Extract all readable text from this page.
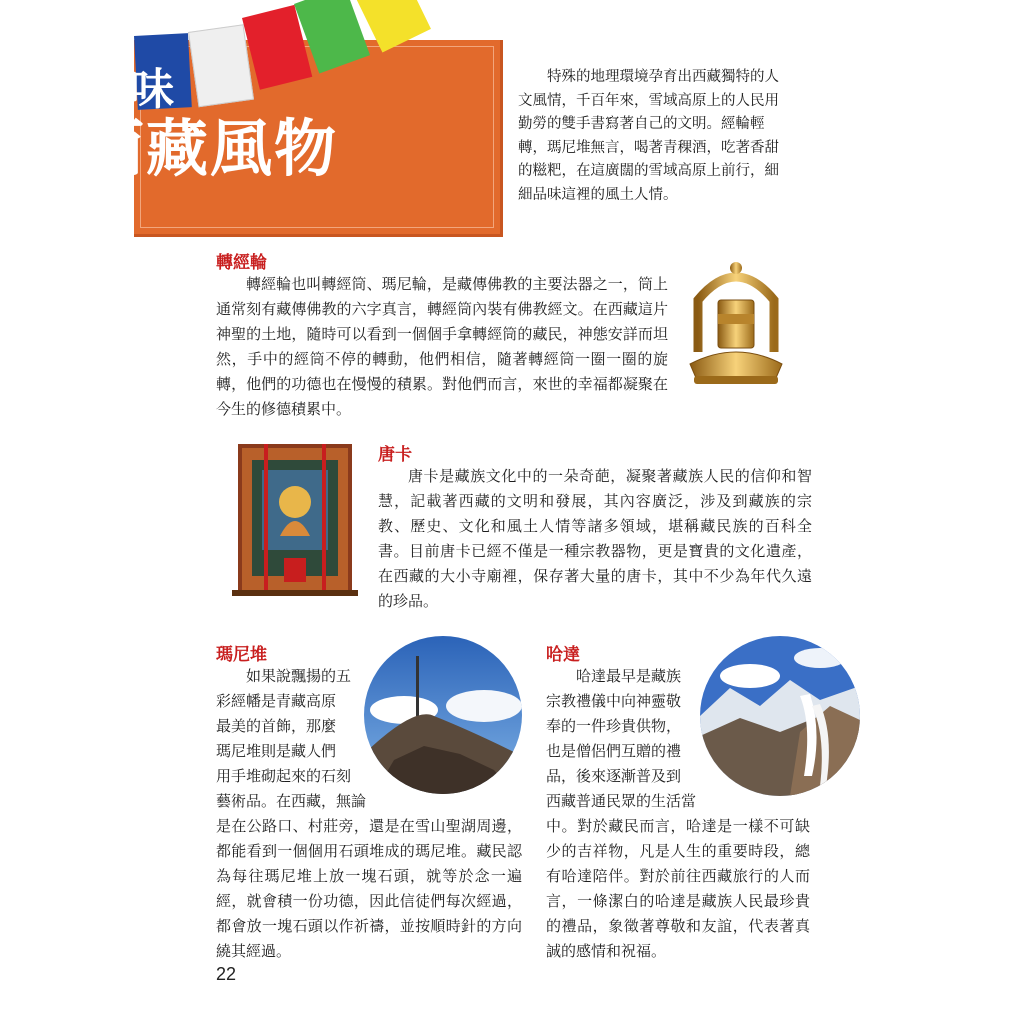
品味
西藏風物
特殊的地理環境孕育出西藏獨特的人文風情，千百年來，雪域高原上的人民用勤勞的雙手書寫著自己的文明。經輪輕轉，瑪尼堆無言，喝著青稞酒，吃著香甜的糍粑，在這廣闊的雪域高原上前行，細細品味這裡的風土人情。
轉經輪
轉經輪也叫轉經筒、瑪尼輪，是藏傳佛教的主要法器之一，筒上通常刻有藏傳佛教的六字真言，轉經筒內裝有佛教經文。在西藏這片神聖的土地，隨時可以看到一個個手拿轉經筒的藏民，神態安詳而坦然，手中的經筒不停的轉動，他們相信，隨著轉經筒一圈一圈的旋轉，他們的功德也在慢慢的積累。對他們而言，來世的幸福都凝聚在今生的修德積累中。
唐卡
唐卡是藏族文化中的一朵奇葩，凝聚著藏族人民的信仰和智慧，記載著西藏的文明和發展，其內容廣泛，涉及到藏族的宗教、歷史、文化和風土人情等諸多領域，堪稱藏民族的百科全書。目前唐卡已經不僅是一種宗教器物，更是寶貴的文化遺產，在西藏的大小寺廟裡，保存著大量的唐卡，其中不少為年代久遠的珍品。
瑪尼堆
如果說飄揚的五
彩經幡是青藏高原
最美的首飾，那麼
瑪尼堆則是藏人們
用手堆砌起來的石刻
藝術品。在西藏，無論
是在公路口、村莊旁，還是在雪山聖湖周邊，都能看到一個個用石頭堆成的瑪尼堆。藏民認為每往瑪尼堆上放一塊石頭，就等於念一遍經，就會積一份功德，因此信徒們每次經過，都會放一塊石頭以作祈禱，並按順時針的方向繞其經過。
哈達
哈達最早是藏族
宗教禮儀中向神靈敬
奉的一件珍貴供物，
也是僧侶們互贈的禮
品，後來逐漸普及到
西藏普通民眾的生活當
中。對於藏民而言，哈達是一樣不可缺少的吉祥物，凡是人生的重要時段，總有哈達陪伴。對於前往西藏旅行的人而言，一條潔白的哈達是藏族人民最珍貴的禮品，象徵著尊敬和友誼，代表著真誠的感情和祝福。
22
